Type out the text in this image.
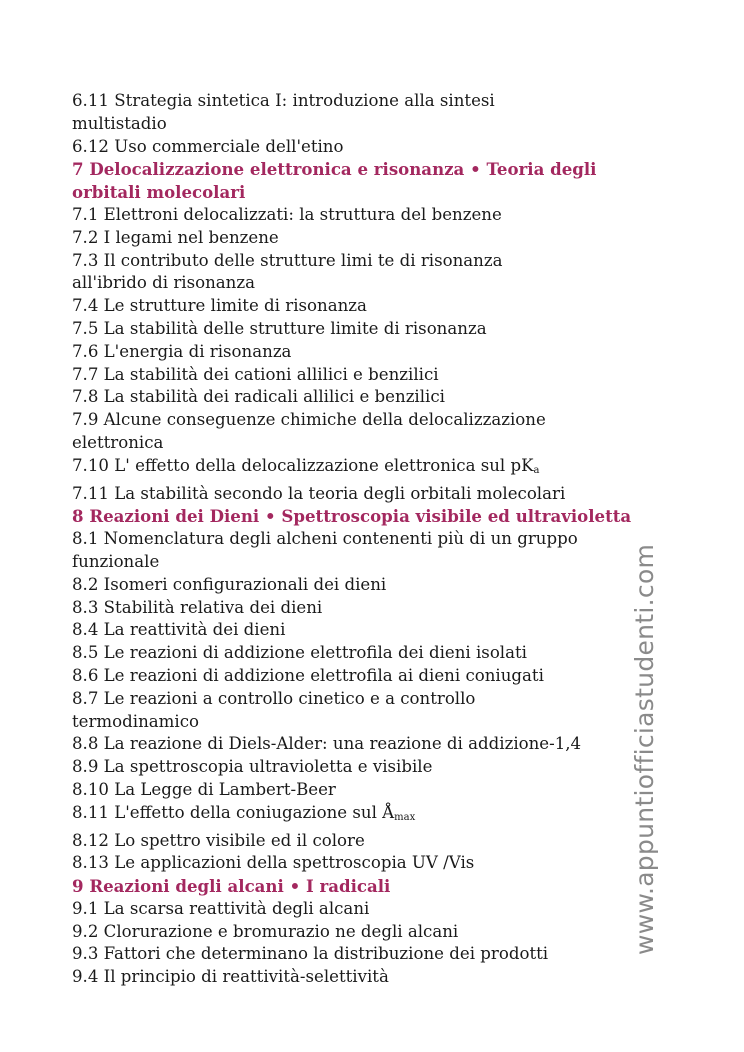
6.11 Strategia sintetica I: introduzione alla sintesi
multistadio
6.12 Uso commerciale dell'etino
7 Delocalizzazione elettronica e risonanza • Teoria degli
orbitali molecolari
7.1 Elettroni delocalizzati: la struttura del benzene
7.2 I legami nel benzene
7.3 Il contributo delle strutture limi te di risonanza
all'ibrido di risonanza
7.4 Le strutture limite di risonanza
7.5 La stabilità delle strutture limite di risonanza
7.6 L'energia di risonanza
7.7 La stabilità dei cationi allilici e benzilici
7.8 La stabilità dei radicali allilici e benzilici
7.9 Alcune conseguenze chimiche della delocalizzazione
elettronica
7.10 L' effetto della delocalizzazione elettronica sul $pK_a$
7.11 La stabilità secondo la teoria degli orbitali molecolari
8 Reazioni dei Dieni • Spettroscopia visibile ed ultravioletta
8.1 Nomenclatura degli alcheni contenenti più di un gruppo
funzionale
8.2 Isomeri configurazionali dei dieni
8.3 Stabilità relativa dei dieni
8.4 La reattività dei dieni
8.5 Le reazioni di addizione elettrofila dei dieni isolati
8.6 Le reazioni di addizione elettrofila ai dieni coniugati
8.7 Le reazioni a controllo cinetico e a controllo
termodinamico
8.8 La reazione di Diels-Alder: una reazione di addizione-1,4
8.9 La spettroscopia ultravioletta e visibile
8.10 La Legge di Lambert-Beer
8.11 L'effetto della coniugazione sul $Å_{max}$
8.12 Lo spettro visibile ed il colore
8.13 Le applicazioni della spettroscopia UV /Vis
9 Reazioni degli alcani • I radicali
9.1 La scarsa reattività degli alcani
9.2 Clorurazione e bromurazio ne degli alcani
9.3 Fattori che determinano la distribuzione dei prodotti
9.4 Il principio di reattività-selettività
www.appuntiofficiastudenti.com
